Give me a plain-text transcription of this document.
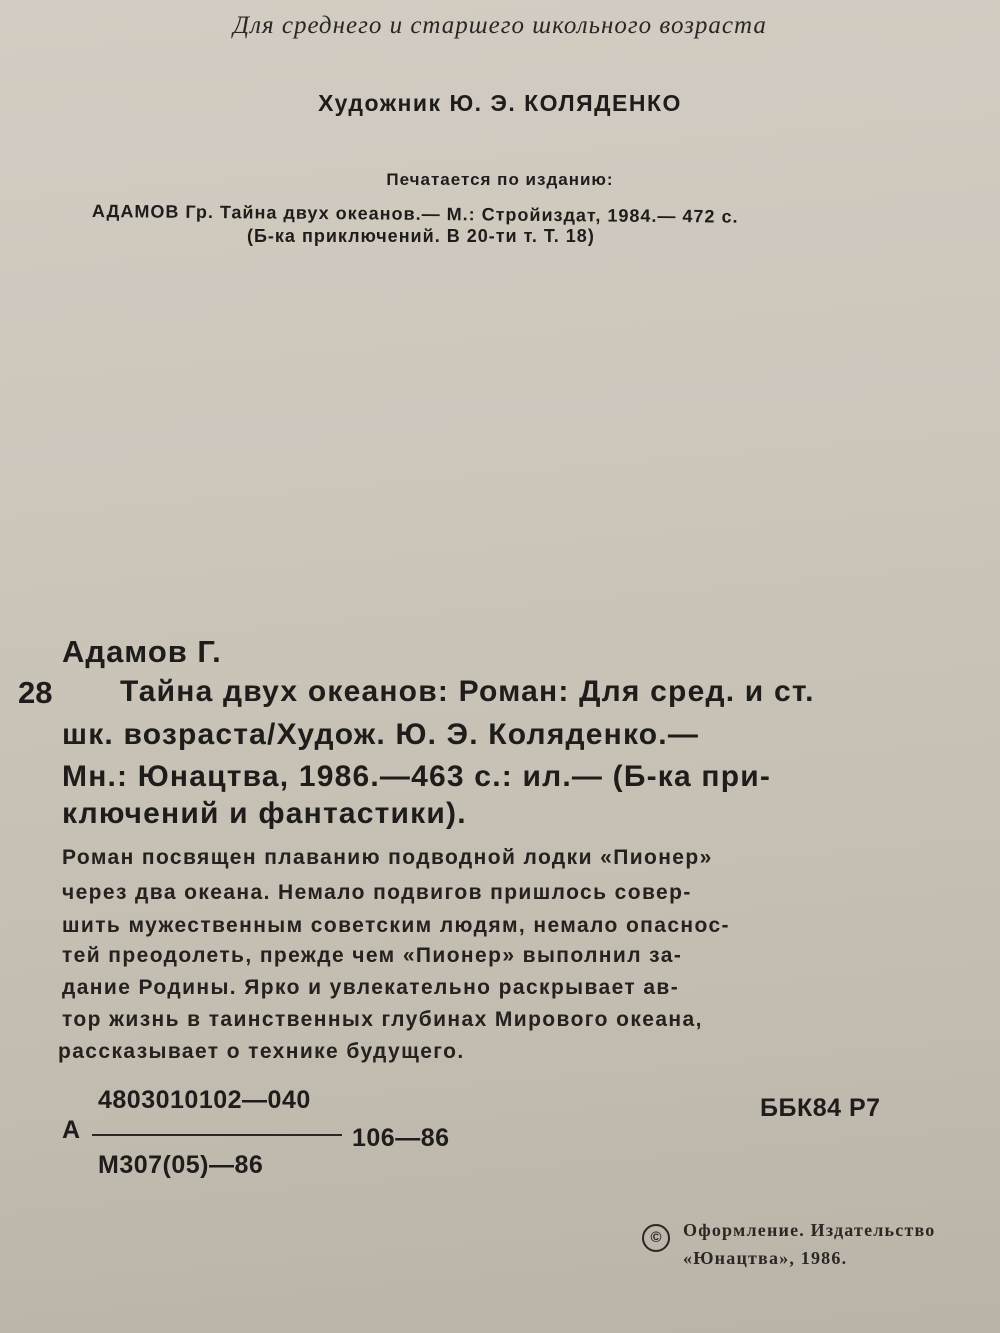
Для среднего и старшего школьного возраста
Художник Ю. Э. КОЛЯДЕНКО
Печатается по изданию:
АДАМОВ Гр. Тайна двух океанов.— М.: Стройиздат, 1984.— 472 с.
(Б-ка приключений. В 20-ти т. Т. 18)
Адамов Г.
28 Тайна двух океанов: Роман: Для сред. и ст.
шк. возраста/Худож. Ю. Э. Коляденко.—
Мн.: Юнацтва, 1986.—463 с.: ил.— (Б-ка при-
ключений и фантастики).
Роман посвящен плаванию подводной лодки «Пионер»
через два океана. Немало подвигов пришлось совер-
шить мужественным советским людям, немало опаснос-
тей преодолеть, прежде чем «Пионер» выполнил за-
дание Родины. Ярко и увлекательно раскрывает ав-
тор жизнь в таинственных глубинах Мирового океана,
рассказывает о технике будущего.
4803010102—040
А	106—86
М307(05)—86
ББК84 Р7
©	Оформление. Издательство
«Юнацтва», 1986.
